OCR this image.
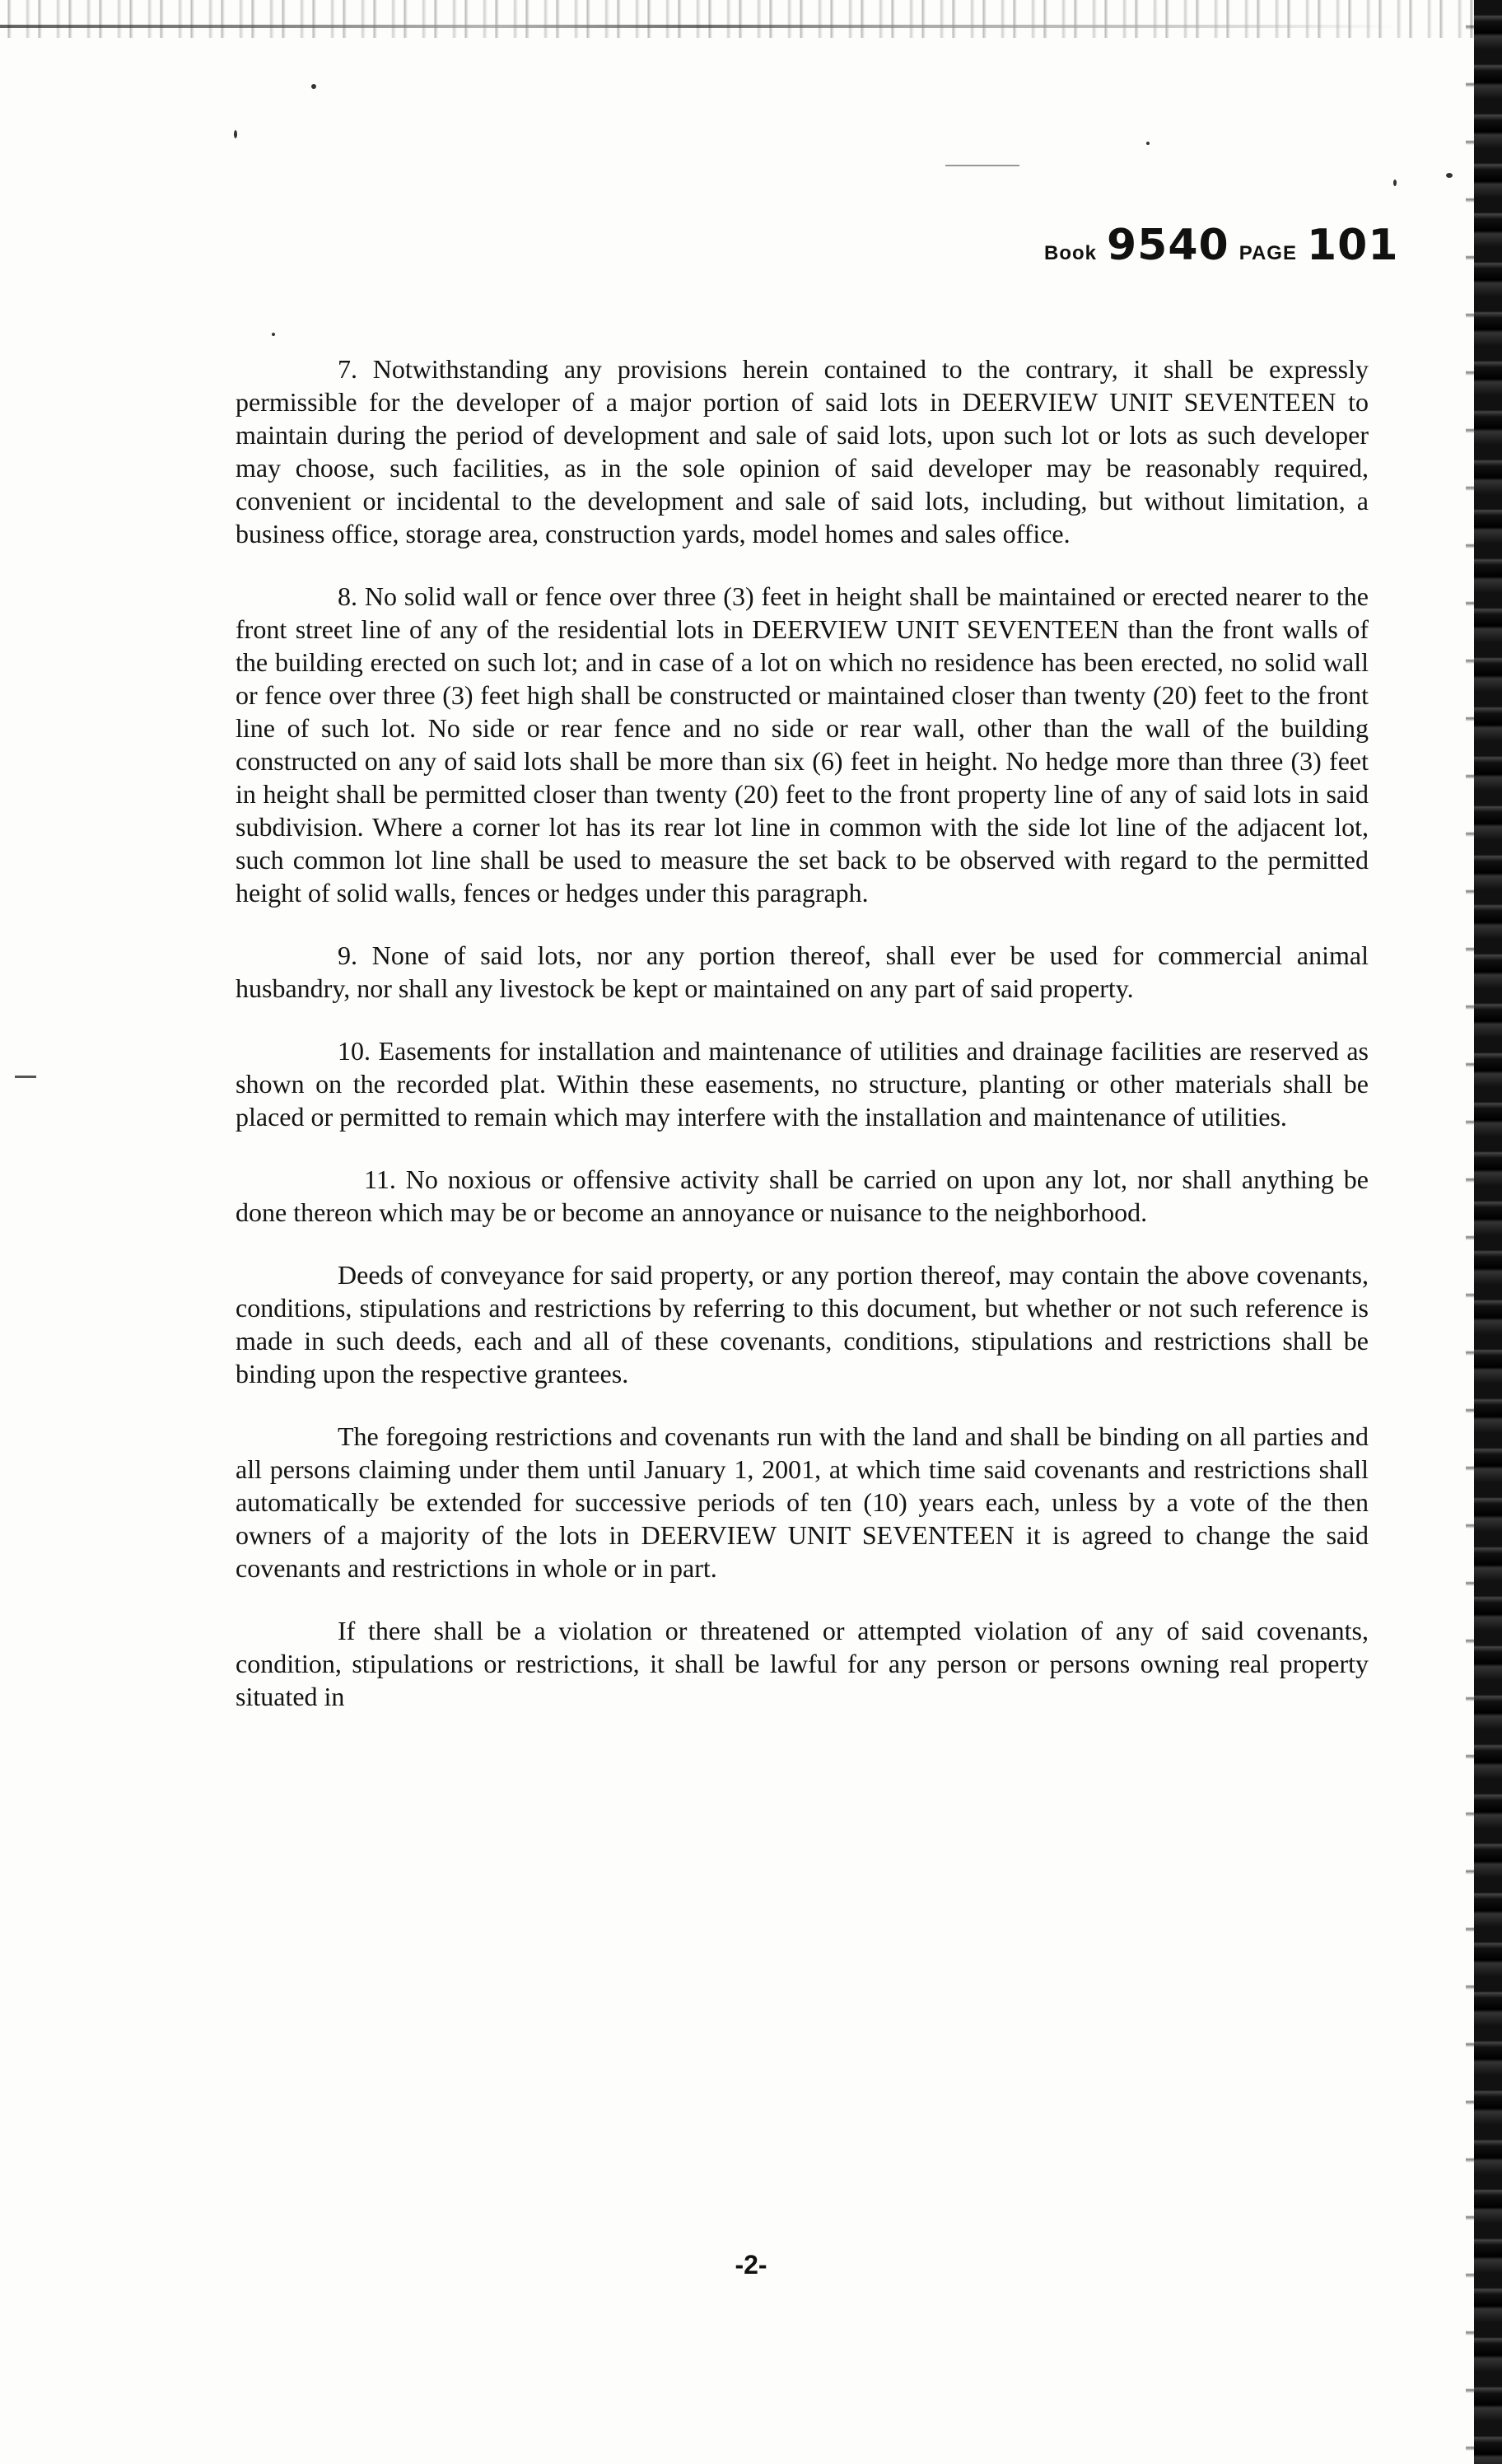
Book 9540 PAGE 101

7. Notwithstanding any provisions herein contained to the contrary, it shall be expressly permissible for the developer of a major portion of said lots in DEERVIEW UNIT SEVENTEEN to maintain during the period of development and sale of said lots, upon such lot or lots as such developer may choose, such facilities, as in the sole opinion of said developer may be reasonably required, convenient or incidental to the development and sale of said lots, including, but without limitation, a business office, storage area, construction yards, model homes and sales office.

8. No solid wall or fence over three (3) feet in height shall be maintained or erected nearer to the front street line of any of the residential lots in DEERVIEW UNIT SEVENTEEN than the front walls of the building erected on such lot; and in case of a lot on which no residence has been erected, no solid wall or fence over three (3) feet high shall be constructed or maintained closer than twenty (20) feet to the front line of such lot. No side or rear fence and no side or rear wall, other than the wall of the building constructed on any of said lots shall be more than six (6) feet in height. No hedge more than three (3) feet in height shall be permitted closer than twenty (20) feet to the front property line of any of said lots in said subdivision. Where a corner lot has its rear lot line in common with the side lot line of the adjacent lot, such common lot line shall be used to measure the set back to be observed with regard to the permitted height of solid walls, fences or hedges under this paragraph.

9. None of said lots, nor any portion thereof, shall ever be used for commercial animal husbandry, nor shall any livestock be kept or maintained on any part of said property.

10. Easements for installation and maintenance of utilities and drainage facilities are reserved as shown on the recorded plat. Within these easements, no structure, planting or other materials shall be placed or permitted to remain which may interfere with the installation and maintenance of utilities.

11. No noxious or offensive activity shall be carried on upon any lot, nor shall anything be done thereon which may be or become an annoyance or nuisance to the neighborhood.

Deeds of conveyance for said property, or any portion thereof, may contain the above covenants, conditions, stipulations and restrictions by referring to this document, but whether or not such reference is made in such deeds, each and all of these covenants, conditions, stipulations and restrictions shall be binding upon the respective grantees.

The foregoing restrictions and covenants run with the land and shall be binding on all parties and all persons claiming under them until January 1, 2001, at which time said covenants and restrictions shall automatically be extended for successive periods of ten (10) years each, unless by a vote of the then owners of a majority of the lots in DEERVIEW UNIT SEVENTEEN it is agreed to change the said covenants and restrictions in whole or in part.

If there shall be a violation or threatened or attempted violation of any of said covenants, condition, stipulations or restrictions, it shall be lawful for any person or persons owning real property situated in

-2-
